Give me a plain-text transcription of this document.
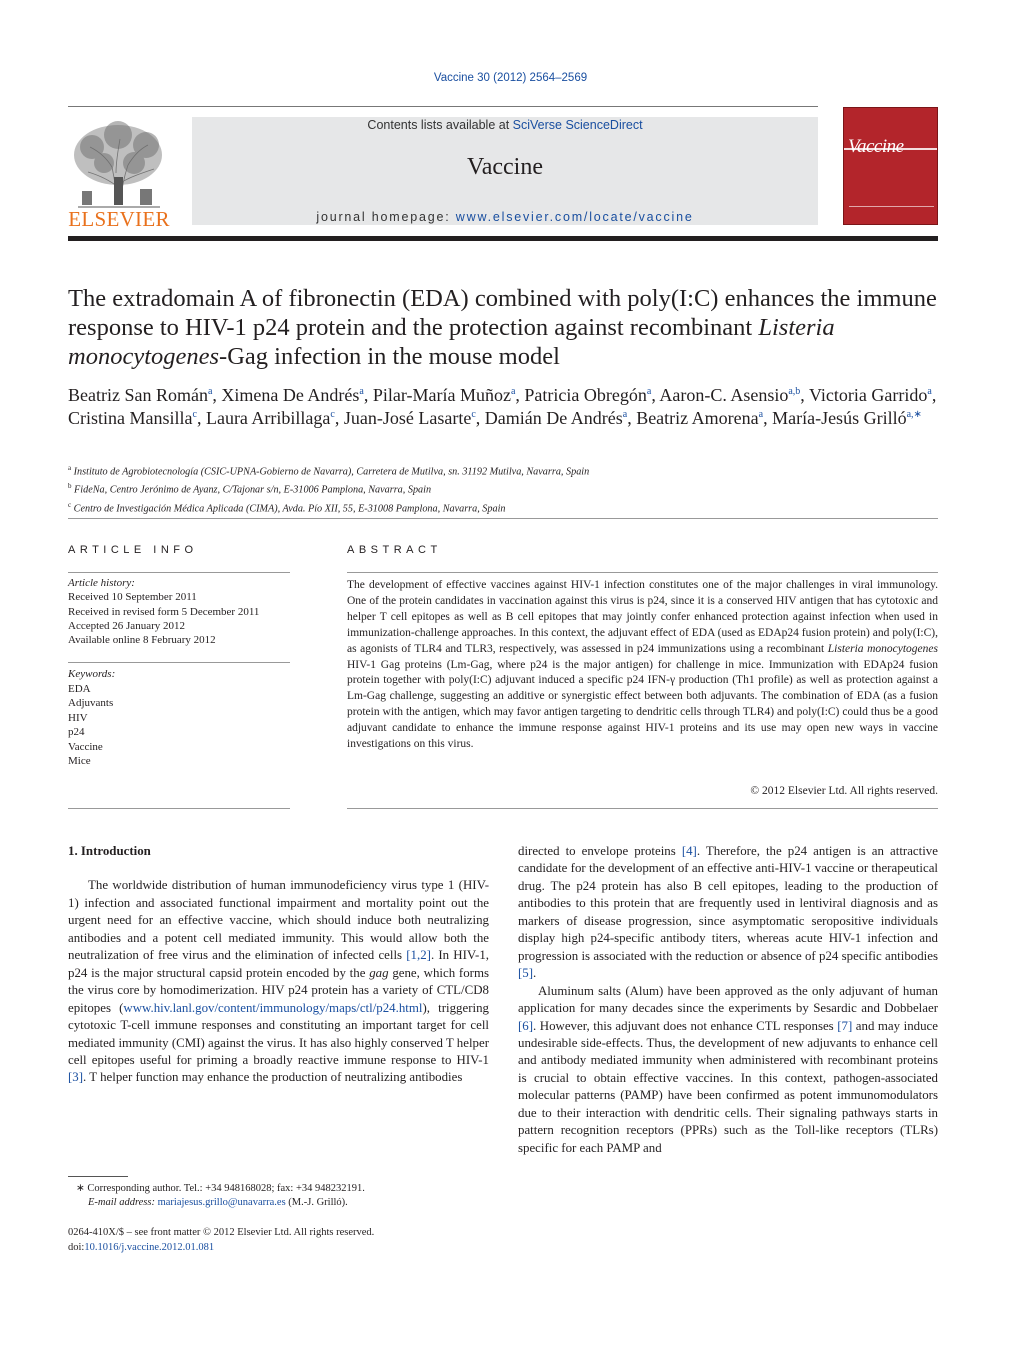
Vaccine 30 (2012) 2564–2569
ELSEVIER
Contents lists available at SciVerse ScienceDirect
Vaccine
journal homepage: www.elsevier.com/locate/vaccine
Vaccine
The extradomain A of fibronectin (EDA) combined with poly(I:C) enhances the immune response to HIV-1 p24 protein and the protection against recombinant Listeria monocytogenes-Gag infection in the mouse model
Beatriz San Román$^a$, Ximena De Andrés$^a$, Pilar-María Muñoz$^a$, Patricia Obregón$^a$, Aaron-C. Asensio$^{a,b}$, Victoria Garrido$^a$, Cristina Mansilla$^c$, Laura Arribillaga$^c$, Juan-José Lasarte$^c$, Damián De Andrés$^a$, Beatriz Amorena$^a$, María-Jesús Grilló$^{a,∗}$
$^a$ Instituto de Agrobiotecnología (CSIC-UPNA-Gobierno de Navarra), Carretera de Mutilva, sn. 31192 Mutilva, Navarra, Spain
$^b$ FideNa, Centro Jerónimo de Ayanz, C/Tajonar s/n, E-31006 Pamplona, Navarra, Spain
$^c$ Centro de Investigación Médica Aplicada (CIMA), Avda. Pío XII, 55, E-31008 Pamplona, Navarra, Spain
ARTICLE INFO
Article history:
Received 10 September 2011
Received in revised form 5 December 2011
Accepted 26 January 2012
Available online 8 February 2012
Keywords:
EDA
Adjuvants
HIV
p24
Vaccine
Mice
ABSTRACT
The development of effective vaccines against HIV-1 infection constitutes one of the major challenges in viral immunology. One of the protein candidates in vaccination against this virus is p24, since it is a conserved HIV antigen that has cytotoxic and helper T cell epitopes as well as B cell epitopes that may jointly confer enhanced protection against infection when used in immunization-challenge approaches. In this context, the adjuvant effect of EDA (used as EDAp24 fusion protein) and poly(I:C), as agonists of TLR4 and TLR3, respectively, was assessed in p24 immunizations using a recombinant Listeria monocytogenes HIV-1 Gag proteins (Lm-Gag, where p24 is the major antigen) for challenge in mice. Immunization with EDAp24 fusion protein together with poly(I:C) adjuvant induced a specific p24 IFN-γ production (Th1 profile) as well as protection against a Lm-Gag challenge, suggesting an additive or synergistic effect between both adjuvants. The combination of EDA (as a fusion protein with the antigen, which may favor antigen targeting to dendritic cells through TLR4) and poly(I:C) could thus be a good adjuvant candidate to enhance the immune response against HIV-1 proteins and its use may open new ways in vaccine investigations on this virus.
© 2012 Elsevier Ltd. All rights reserved.
1. Introduction

The worldwide distribution of human immunodeficiency virus type 1 (HIV-1) infection and associated functional impairment and mortality point out the urgent need for an effective vaccine, which should induce both neutralizing antibodies and a potent cell mediated immunity. This would allow both the neutralization of free virus and the elimination of infected cells [1,2]. In HIV-1, p24 is the major structural capsid protein encoded by the gag gene, which forms the virus core by homodimerization. HIV p24 protein has a variety of CTL/CD8 epitopes (www.hiv.lanl.gov/content/immunology/maps/ctl/p24.html), triggering cytotoxic T-cell immune responses and constituting an important target for cell mediated immunity (CMI) against the virus. It has also highly conserved T helper cell epitopes useful for priming a broadly reactive immune response to HIV-1 [3]. T helper function may enhance the production of neutralizing antibodies

directed to envelope proteins [4]. Therefore, the p24 antigen is an attractive candidate for the development of an effective anti-HIV-1 vaccine or therapeutical drug. The p24 protein has also B cell epitopes, leading to the production of antibodies to this protein that are frequently used in lentiviral diagnosis and as markers of disease progression, since asymptomatic seropositive individuals display high p24-specific antibody titers, whereas acute HIV-1 infection and progression is associated with the reduction or absence of p24 specific antibodies [5].

Aluminum salts (Alum) have been approved as the only adjuvant of human application for many decades since the experiments by Sesardic and Dobbelaer [6]. However, this adjuvant does not enhance CTL responses [7] and may induce undesirable side-effects. Thus, the development of new adjuvants to enhance cell and antibody mediated immunity when administered with recombinant proteins is crucial to obtain effective vaccines. In this context, pathogen-associated molecular patterns (PAMP) have been confirmed as potent immunomodulators due to their interaction with dendritic cells. Their signaling pathways starts in pattern recognition receptors (PPRs) such as the Toll-like receptors (TLRs) specific for each PAMP and

∗ Corresponding author. Tel.: +34 948168028; fax: +34 948232191.
E-mail address: mariajesus.grillo@unavarra.es (M.-J. Grilló).
0264-410X/$ – see front matter © 2012 Elsevier Ltd. All rights reserved.
doi:10.1016/j.vaccine.2012.01.081
